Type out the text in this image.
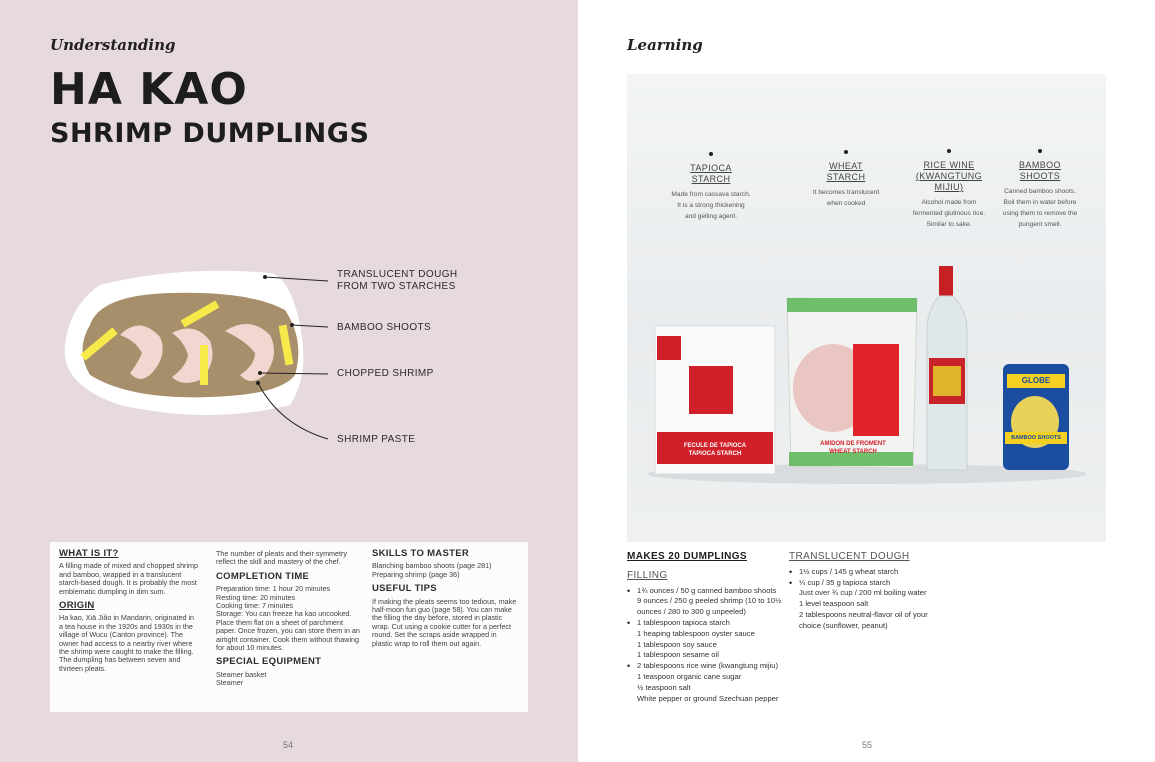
Understanding
HA KAO
SHRIMP DUMPLINGS
TRANSLUCENT DOUGH
FROM TWO STARCHES
BAMBOO SHOOTS
CHOPPED SHRIMP
SHRIMP PASTE
WHAT IS IT?
A filling made of mixed and chopped shrimp and bamboo, wrapped in a translucent starch-based dough. It is probably the most emblematic dumpling in dim sum.
ORIGIN
Ha kao, Xiā Jiǎo in Mandarin, originated in a tea house in the 1920s and 1930s in the village of Wucu (Canton province). The owner had access to a nearby river where the shrimp were caught to make the filling. The dumpling has between seven and thirteen pleats.
The number of pleats and their symmetry reflect the skill and mastery of the chef.
COMPLETION TIME
Preparation time: 1 hour 20 minutes
Resting time: 20 minutes
Cooking time: 7 minutes
Storage: You can freeze ha kao uncooked. Place them flat on a sheet of parchment paper. Once frozen, you can store them in an airtight container. Cook them without thawing for about 10 minutes.
SPECIAL EQUIPMENT
Steamer basket
Steamer
SKILLS TO MASTER
Blanching bamboo shoots (page 281)
Preparing shrimp (page 36)
USEFUL TIPS
If making the pleats seems too tedious, make half-moon fun guo (page 58). You can make the filling the day before, stored in plastic wrap. Cut using a cookie cutter for a perfect round. Set the scraps aside wrapped in plastic wrap to roll them out again.
54
Learning
TAPIOCA
STARCH
Made from cassava starch. It is a strong thickening and gelling agent.
WHEAT
STARCH
It becomes translucent when cooked
RICE WINE
(KWANGTUNG
MIJIU)
Alcohol made from fermented glutinous rice. Similar to sake.
BAMBOO
SHOOTS
Canned bamboo shoots. Boil them in water before using them to remove the pungent smell.
FECULE DE TAPIOCA
TAPIOCA STARCH
AMIDON DE FROMENT
WHEAT STARCH
GLOBE
BAMBOO SHOOTS
MAKES 20 DUMPLINGS
FILLING
• 1¾ ounces / 50 g canned bamboo shoots
9 ounces / 250 g peeled shrimp (10 to 10½ ounces / 280 to 300 g unpeeled)
• 1 tablespoon tapioca starch
1 heaping tablespoon oyster sauce
1 tablespoon soy sauce
1 tablespoon sesame oil
• 2 tablespoons rice wine (kwangtung mijiu)
1 teaspoon organic cane sugar
½ teaspoon salt
White pepper or ground Szechuan pepper
TRANSLUCENT DOUGH
• 1½ cups / 145 g wheat starch
• ¼ cup / 35 g tapioca starch
Just over ¾ cup / 200 ml boiling water
1 level teaspoon salt
2 tablespoons neutral-flavor oil of your choice (sunflower, peanut)
55
